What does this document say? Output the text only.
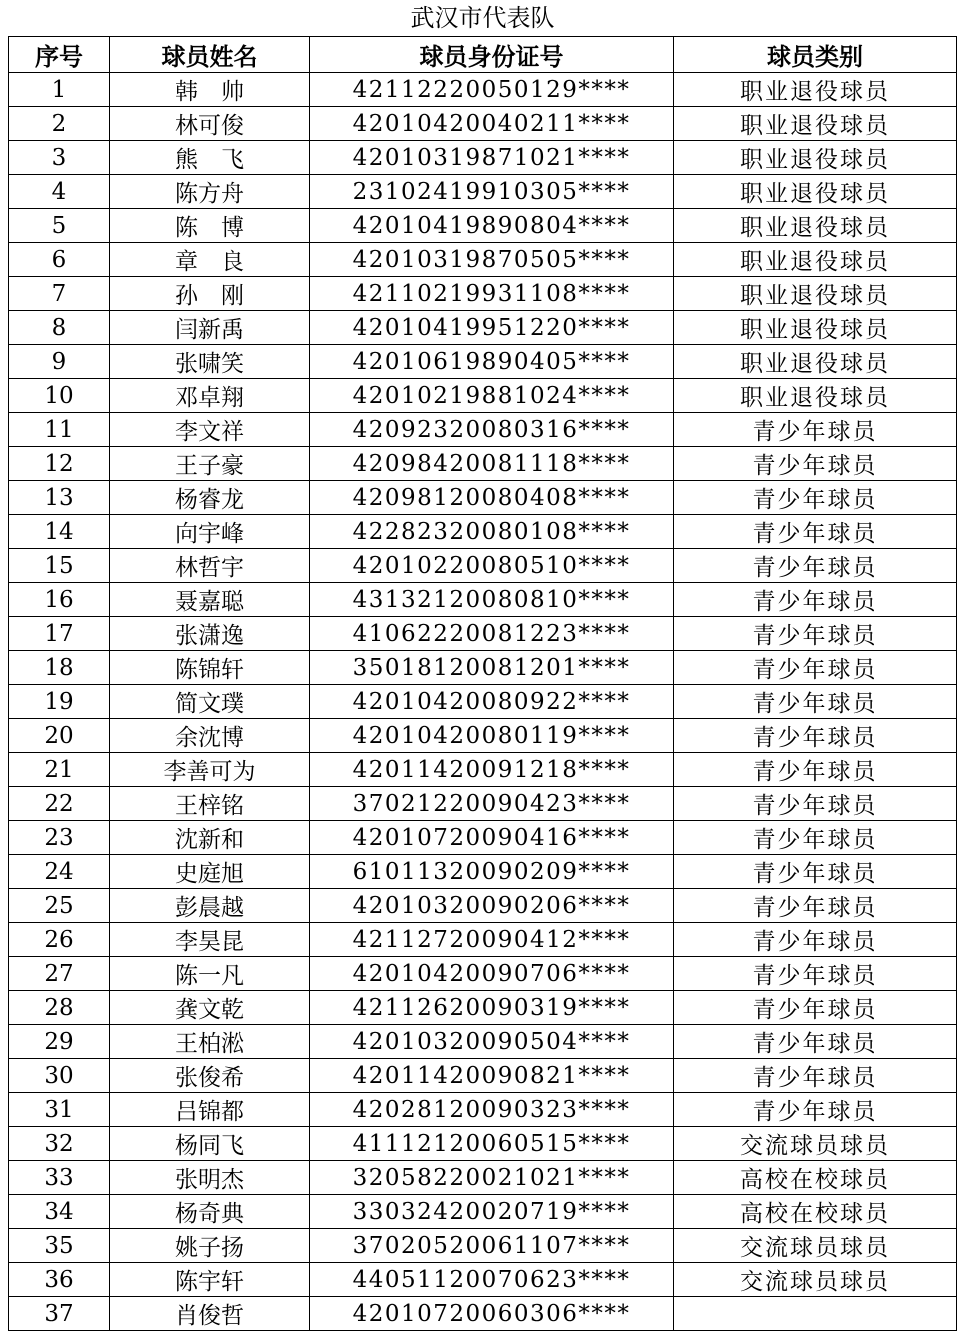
武汉市代表队
序号	球员姓名	球员身份证号	球员类别
1	韩　帅	42112220050129****	职业退役球员
2	林可俊	42010420040211****	职业退役球员
3	熊　飞	42010319871021****	职业退役球员
4	陈方舟	23102419910305****	职业退役球员
5	陈　博	42010419890804****	职业退役球员
6	章　良	42010319870505****	职业退役球员
7	孙　刚	42110219931108****	职业退役球员
8	闫新禹	42010419951220****	职业退役球员
9	张啸笑	42010619890405****	职业退役球员
10	邓卓翔	42010219881024****	职业退役球员
11	李文祥	42092320080316****	青少年球员
12	王子豪	42098420081118****	青少年球员
13	杨睿龙	42098120080408****	青少年球员
14	向宇峰	42282320080108****	青少年球员
15	林哲宇	42010220080510****	青少年球员
16	聂嘉聪	43132120080810****	青少年球员
17	张潇逸	41062220081223****	青少年球员
18	陈锦轩	35018120081201****	青少年球员
19	简文璞	42010420080922****	青少年球员
20	余沈博	42010420080119****	青少年球员
21	李善可为	42011420091218****	青少年球员
22	王梓铭	37021220090423****	青少年球员
23	沈新和	42010720090416****	青少年球员
24	史庭旭	61011320090209****	青少年球员
25	彭晨越	42010320090206****	青少年球员
26	李昊昆	42112720090412****	青少年球员
27	陈一凡	42010420090706****	青少年球员
28	龚文乾	42112620090319****	青少年球员
29	王柏淞	42010320090504****	青少年球员
30	张俊希	42011420090821****	青少年球员
31	吕锦都	42028120090323****	青少年球员
32	杨同飞	41112120060515****	交流球员球员
33	张明杰	32058220021021****	高校在校球员
34	杨奇典	33032420020719****	高校在校球员
35	姚子扬	37020520061107****	交流球员球员
36	陈宇轩	44051120070623****	交流球员球员
37	肖俊哲	42010720060306****	
